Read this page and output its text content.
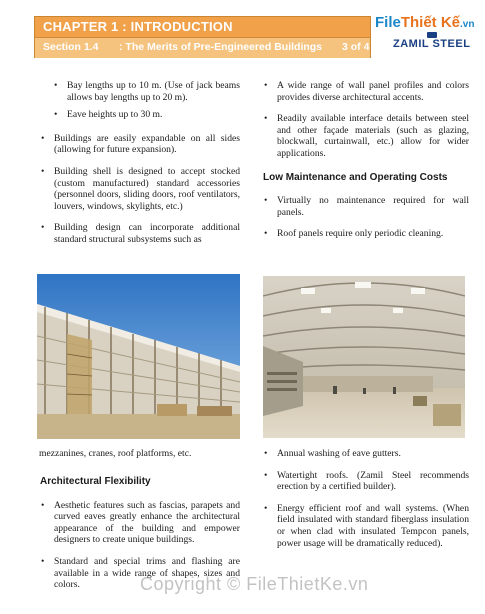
CHAPTER 1 : INTRODUCTION
Section 1.4 : The Merits of Pre-Engineered Buildings 3 of 4
FileThiết Kế.vn
ZAMIL STEEL
• Bay lengths up to 10 m. (Use of jack beams allows bay lengths up to 20 m).
• Eave heights up to 30 m.
• Buildings are easily expandable on all sides (allowing for future expansion).
• Building shell is designed to accept stocked (custom manufactured) standard accessories (personnel doors, sliding doors, roof ventilators, louvers, windows, skylights, etc.)
• Building design can incorporate additional standard structural subsystems such as
mezzanines, cranes, roof platforms, etc.
Architectural Flexibility
• Aesthetic features such as fascias, parapets and curved eaves greatly enhance the architectural appearance of the building and empower designers to create unique buildings.
• Standard and special trims and flashing are available in a wide range of shapes, sizes and colors.
• A wide range of wall panel profiles and colors provides diverse architectural accents.
• Readily available interface details between steel and other façade materials (such as glazing, blockwall, curtainwall, etc.) allow for wider applications.
Low Maintenance and Operating Costs
• Virtually no maintenance required for wall panels.
• Roof panels require only periodic cleaning.
• Annual washing of eave gutters.
• Watertight roofs. (Zamil Steel recommends erection by a certified builder).
• Energy efficient roof and wall systems. (When field insulated with standard fiberglass insulation or when clad with insulated Tempcon panels, power usage will be dramatically reduced).
Copyright © FileThietKe.vn
